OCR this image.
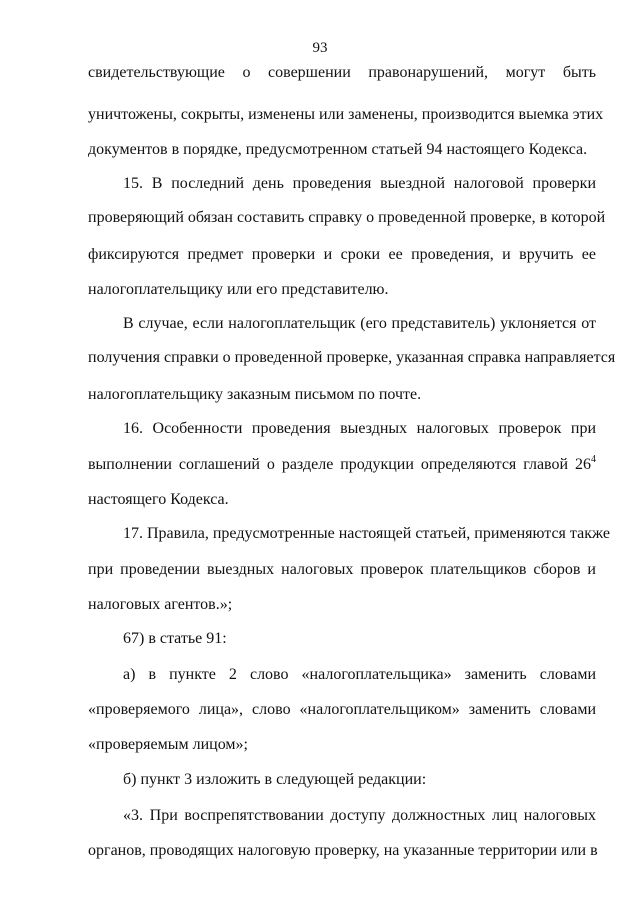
93
свидетельствующие о совершении правонарушений, могут быть
уничтожены, сокрыты, изменены или заменены, производится выемка этих
документов в порядке, предусмотренном статьей 94 настоящего Кодекса.
15. В последний день проведения выездной налоговой проверки
проверяющий обязан составить справку о проведенной проверке, в которой
фиксируются предмет проверки и сроки ее проведения, и вручить ее
налогоплательщику или его представителю.
В случае, если налогоплательщик (его представитель) уклоняется от
получения справки о проведенной проверке, указанная справка направляется
налогоплательщику заказным письмом по почте.
16. Особенности проведения выездных налоговых проверок при
выполнении соглашений о разделе продукции определяются главой $26^4$
настоящего Кодекса.
17. Правила, предусмотренные настоящей статьей, применяются также
при проведении выездных налоговых проверок плательщиков сборов и
налоговых агентов.»;
67) в статье 91:
а) в пункте 2 слово «налогоплательщика» заменить словами
«проверяемого лица», слово «налогоплательщиком» заменить словами
«проверяемым лицом»;
б) пункт 3 изложить в следующей редакции:
«3. При воспрепятствовании доступу должностных лиц налоговых
органов, проводящих налоговую проверку, на указанные территории или в
